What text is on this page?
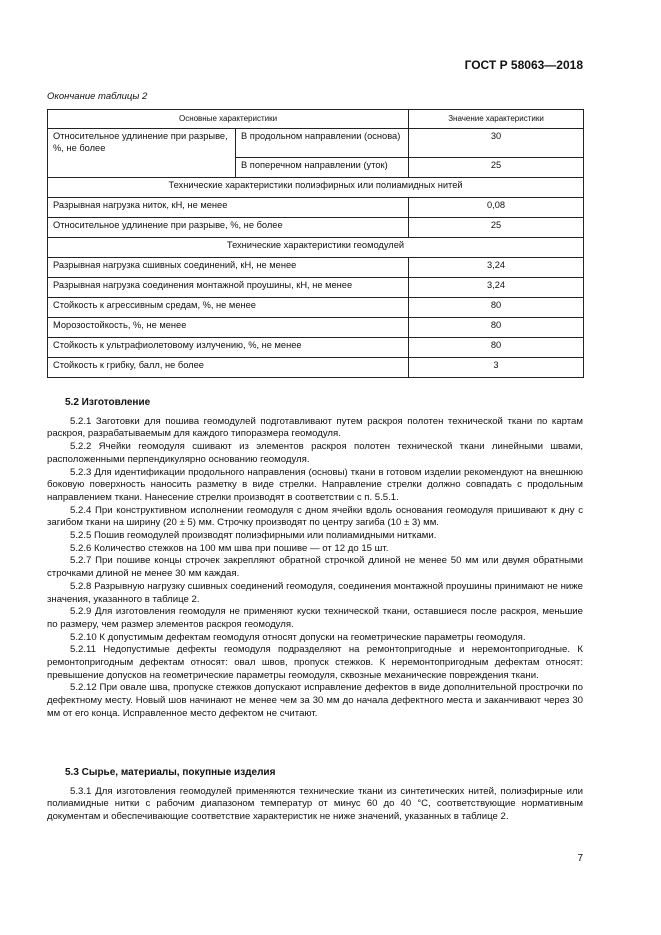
ГОСТ Р 58063—2018
Окончание таблицы 2
Основные характеристики		Значение характеристики
Относительное удлинение при разрыве, %, не более	В продольном направлении (основа)	30
	В поперечном направлении (уток)	25
Технические характеристики полиэфирных или полиамидных нитей		
Разрывная нагрузка ниток, кН, не менее		0,08
Относительное удлинение при разрыве, %, не более		25
Технические характеристики геомодулей		
Разрывная нагрузка сшивных соединений, кН, не менее		3,24
Разрывная нагрузка соединения монтажной проушины, кН, не менее		3,24
Стойкость к агрессивным средам, %, не менее		80
Морозостойкость, %, не менее		80
Стойкость к ультрафиолетовому излучению, %, не менее		80
Стойкость к грибку, балл, не более		3
5.2 Изготовление

5.2.1 Заготовки для пошива геомодулей подготавливают путем раскроя полотен технической ткани по картам раскроя, разрабатываемым для каждого типоразмера геомодуля.

5.2.2 Ячейки геомодуля сшивают из элементов раскроя полотен технической ткани линейными швами, расположенными перпендикулярно основанию геомодуля.

5.2.3 Для идентификации продольного направления (основы) ткани в готовом изделии рекомендуют на внешнюю боковую поверхность наносить разметку в виде стрелки. Направление стрелки должно совпадать с продольным направлением ткани. Нанесение стрелки производят в соответствии с п. 5.5.1.

5.2.4 При конструктивном исполнении геомодуля с дном ячейки вдоль основания геомодуля пришивают к дну с загибом ткани на ширину (20 ± 5) мм. Строчку производят по центру загиба (10 ± 3) мм.

5.2.5 Пошив геомодулей производят полиэфирными или полиамидными нитками.

5.2.6 Количество стежков на 100 мм шва при пошиве — от 12 до 15 шт.

5.2.7 При пошиве концы строчек закрепляют обратной строчкой длиной не менее 50 мм или двумя обратными строчками длиной не менее 30 мм каждая.

5.2.8 Разрывную нагрузку сшивных соединений геомодуля, соединения монтажной проушины принимают не ниже значения, указанного в таблице 2.

5.2.9 Для изготовления геомодуля не применяют куски технической ткани, оставшиеся после раскроя, меньшие по размеру, чем размер элементов раскроя геомодуля.

5.2.10 К допустимым дефектам геомодуля относят допуски на геометрические параметры геомодуля.

5.2.11 Недопустимые дефекты геомодуля подразделяют на ремонтопригодные и неремонтопригодные. К ремонтопригодным дефектам относят: овал швов, пропуск стежков. К неремонтопригодным дефектам относят: превышение допусков на геометрические параметры геомодуля, сквозные механические повреждения ткани.

5.2.12 При овале шва, пропуске стежков допускают исправление дефектов в виде дополнительной прострочки по дефектному месту. Новый шов начинают не менее чем за 30 мм до начала дефектного места и заканчивают через 30 мм от его конца. Исправленное место дефектом не считают.

5.3 Сырье, материалы, покупные изделия

5.3.1 Для изготовления геомодулей применяются технические ткани из синтетических нитей, полиэфирные или полиамидные нитки с рабочим диапазоном температур от минус 60 до 40 °С, соответствующие нормативным документам и обеспечивающие соответствие характеристик не ниже значений, указанных в таблице 2.

7
